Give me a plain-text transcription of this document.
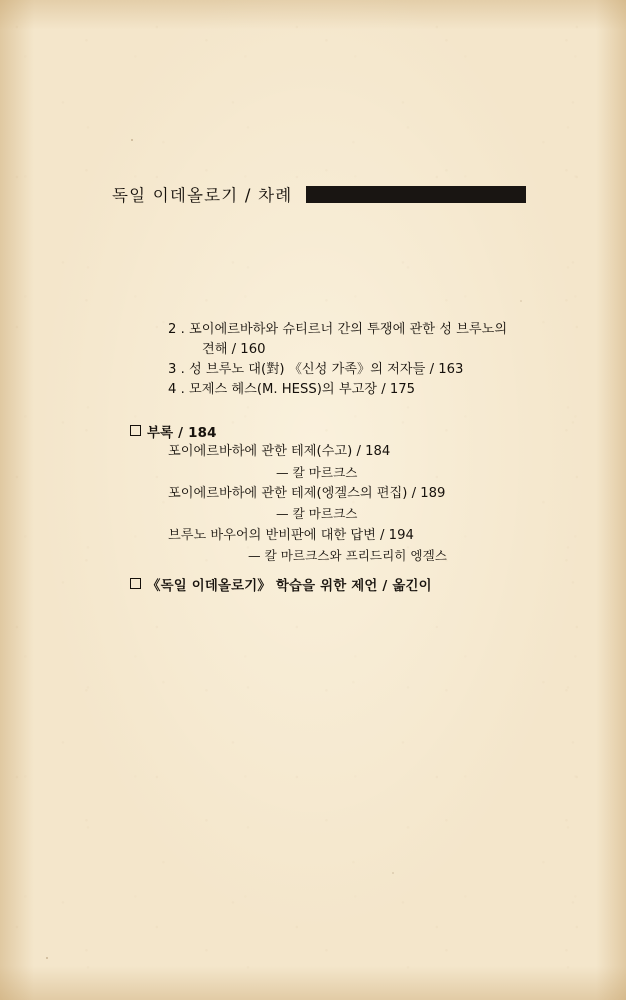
독일 이데올로기 / 차례
2 . 포이에르바하와 슈티르너 간의 투쟁에 관한 성 브루노의
견해 / 160
3 . 성 브루노 대(對) 《신성 가족》의 저자들 / 163
4 . 모제스 헤스(M. HESS)의 부고장 / 175
부록 / 184
포이에르바하에 관한 테제(수고) / 184
— 칼 마르크스
포이에르바하에 관한 테제(엥겔스의 편집) / 189
— 칼 마르크스
브루노 바우어의 반비판에 대한 답변 / 194
— 칼 마르크스와 프리드리히 엥겔스
《독일 이데올로기》 학습을 위한 제언 / 옮긴이
